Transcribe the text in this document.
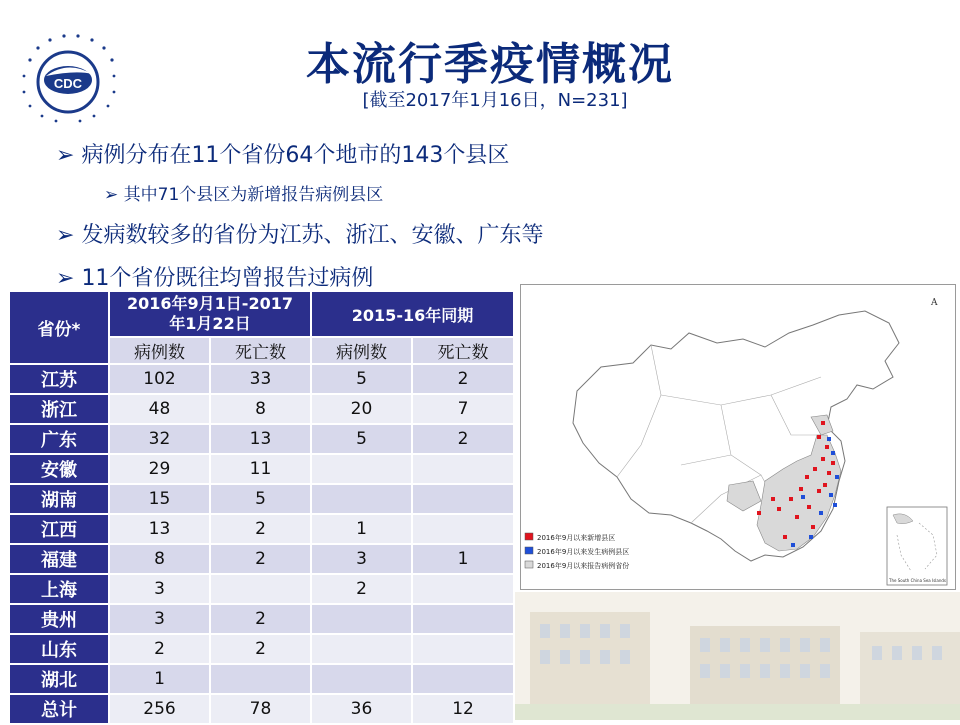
CDC	本流行季疫情概况
[截至2017年1月16日，N=231]
➢ 病例分布在11个省份64个地市的143个县区
➢ 其中71个县区为新增报告病例县区
➢ 发病数较多的省份为江苏、浙江、安徽、广东等
➢ 11个省份既往均曾报告过病例
省份*	2016年9月1日-2017年1月22日		2015-16年同期	
	病例数	死亡数	病例数	死亡数
江苏	102	33	5	2
浙江	48	8	20	7
广东	32	13	5	2
安徽	29	11		
湖南	15	5		
江西	13	2	1	
福建	8	2	3	1
上海	3		2	
贵州	3	2		
山东	2	2		
湖北	1			
总计	256	78	36	12
A
2016年9月以来新增县区
2016年9月以来发生病例县区
2016年9月以来报告病例省份
The South China Sea Islands
